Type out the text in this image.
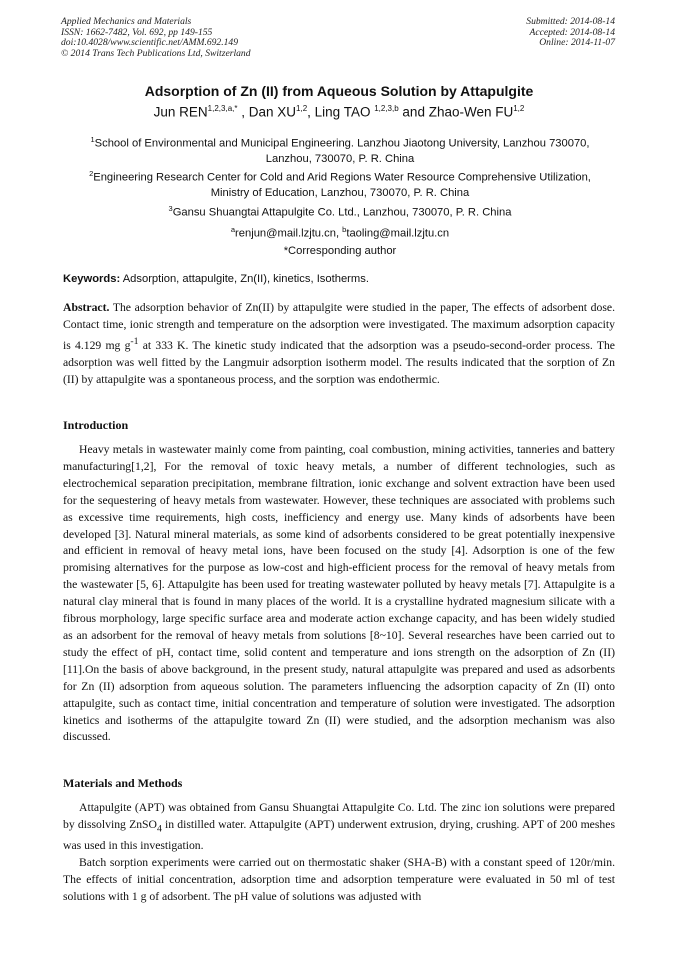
Applied Mechanics and Materials
ISSN: 1662-7482, Vol. 692, pp 149-155
doi:10.4028/www.scientific.net/AMM.692.149
© 2014 Trans Tech Publications Ltd, Switzerland
Submitted: 2014-08-14
Accepted: 2014-08-14
Online: 2014-11-07
Adsorption of Zn (II) from Aqueous Solution by Attapulgite
Jun $REN^{1,2,3,a,*}$ , Dan XU$^{1,2}$, Ling TAO $^{1,2,3,b}$ and Zhao-Wen FU$^{1,2}$
$^1$School of Environmental and Municipal Engineering. Lanzhou Jiaotong University, Lanzhou 730070, Lanzhou, 730070, P. R. China
$^2$Engineering Research Center for Cold and Arid Regions Water Resource Comprehensive Utilization, Ministry of Education, Lanzhou, 730070, P. R. China
$^3$Gansu Shuangtai Attapulgite Co. Ltd., Lanzhou, 730070, P. R. China
$^a$renjun@mail.lzjtu.cn, $^b$taoling@mail.lzjtu.cn
*Corresponding author
Keywords: Adsorption, attapulgite, Zn(II), kinetics, Isotherms.

Abstract. The adsorption behavior of Zn(II) by attapulgite were studied in the paper, The effects of adsorbent dose. Contact time, ionic strength and temperature on the adsorption were investigated. The maximum adsorption capacity is 4.129 mg $g^{-1}$ at 333 K. The kinetic study indicated that the adsorption was a pseudo-second-order process. The adsorption was well fitted by the Langmuir adsorption isotherm model. The results indicated that the sorption of Zn (II) by attapulgite was a spontaneous process, and the sorption was endothermic.

Introduction

Heavy metals in wastewater mainly come from painting, coal combustion, mining activities, tanneries and battery manufacturing[1,2], For the removal of toxic heavy metals, a number of different technologies, such as electrochemical separation precipitation, membrane filtration, ionic exchange and solvent extraction have been used for the sequestering of heavy metals from wastewater. However, these techniques are associated with problems such as excessive time requirements, high costs, inefficiency and energy use. Many kinds of adsorbents have been developed [3]. Natural mineral materials, as some kind of adsorbents considered to be great potentially inexpensive and efficient in removal of heavy metal ions, have been focused on the study [4]. Adsorption is one of the few promising alternatives for the purpose as low-cost and high-efficient process for the removal of heavy metals from the wastewater [5, 6]. Attapulgite has been used for treating wastewater polluted by heavy metals [7]. Attapulgite is a natural clay mineral that is found in many places of the world. It is a crystalline hydrated magnesium silicate with a fibrous morphology, large specific surface area and moderate action exchange capacity, and has been widely studied as an adsorbent for the removal of heavy metals from solutions [8~10]. Several researches have been carried out to study the effect of pH, contact time, solid content and temperature and ions strength on the adsorption of Zn (II) [11].On the basis of above background, in the present study, natural attapulgite was prepared and used as adsorbents for Zn (II) adsorption from aqueous solution. The parameters influencing the adsorption capacity of Zn (II) onto attapulgite, such as contact time, initial concentration and temperature of solution were investigated. The adsorption kinetics and isotherms of the attapulgite toward Zn (II) were studied, and the adsorption mechanism was also discussed.

Materials and Methods

Attapulgite (APT) was obtained from Gansu Shuangtai Attapulgite Co. Ltd. The zinc ion solutions were prepared by dissolving ZnSO$_4$ in distilled water. Attapulgite (APT) underwent extrusion, drying, crushing. APT of 200 meshes was used in this investigation.

Batch sorption experiments were carried out on thermostatic shaker (SHA-B) with a constant speed of 120r/min. The effects of initial concentration, adsorption time and adsorption temperature were evaluated in 50 ml of test solutions with 1 g of adsorbent. The pH value of solutions was adjusted with
